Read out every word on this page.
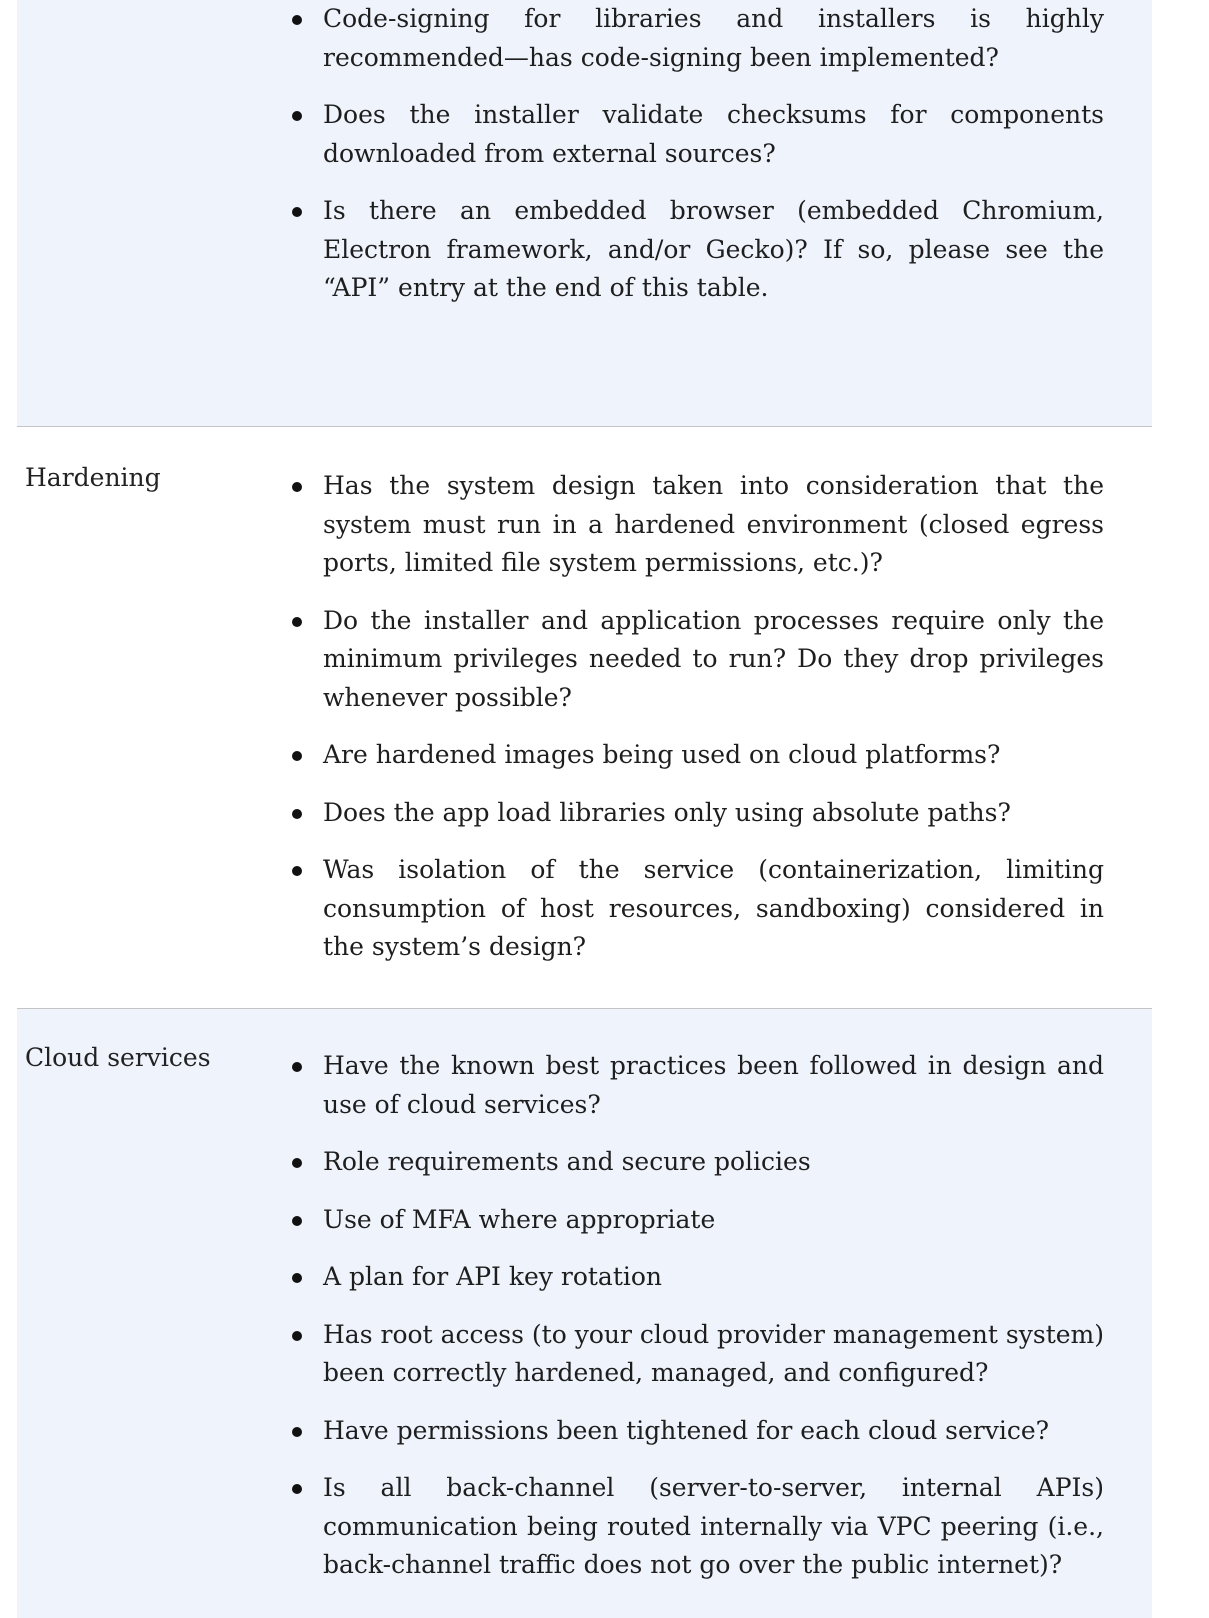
Code-signing for libraries and installers is highly recommended—has code-signing been implemented?
Does the installer validate checksums for components downloaded from external sources?
Is there an embedded browser (embedded Chromium, Electron framework, and/or Gecko)? If so, please see the “API” entry at the end of this table.
Hardening	Has the system design taken into consideration that the system must run in a hardened environment (closed egress ports, limited file system permissions, etc.)?
Do the installer and application processes require only the minimum privileges needed to run? Do they drop privileges whenever possible?
Are hardened images being used on cloud platforms?
Does the app load libraries only using absolute paths?
Was isolation of the service (containerization, limiting consumption of host resources, sandboxing) considered in the system’s design?
Cloud services	Have the known best practices been followed in design and use of cloud services?
Role requirements and secure policies
Use of MFA where appropriate
A plan for API key rotation
Has root access (to your cloud provider management system) been correctly hardened, managed, and configured?
Have permissions been tightened for each cloud service?
Is all back-channel (server-to-server, internal APIs) communication being routed internally via VPC peering (i.e., back-channel traffic does not go over the public internet)?
